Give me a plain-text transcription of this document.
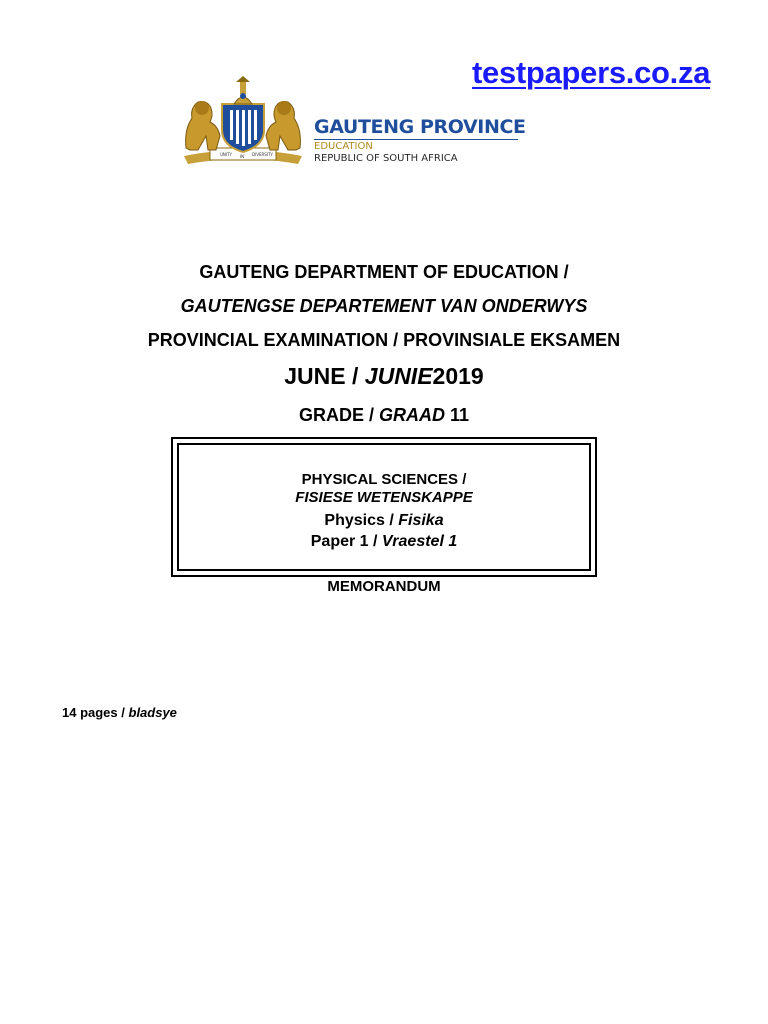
testpapers.co.za
UNITY IN DIVERSITY
GAUTENG PROVINCE
EDUCATION
REPUBLIC OF SOUTH AFRICA
GAUTENG DEPARTMENT OF EDUCATION /
GAUTENGSE DEPARTEMENT VAN ONDERWYS
PROVINCIAL EXAMINATION / PROVINSIALE EKSAMEN
JUNE / JUNIE2019
GRADE / GRAAD 11
PHYSICAL SCIENCES /
FISIESE WETENSKAPPE
Physics / Fisika
Paper 1 / Vraestel 1
MEMORANDUM
14 pages / bladsye
